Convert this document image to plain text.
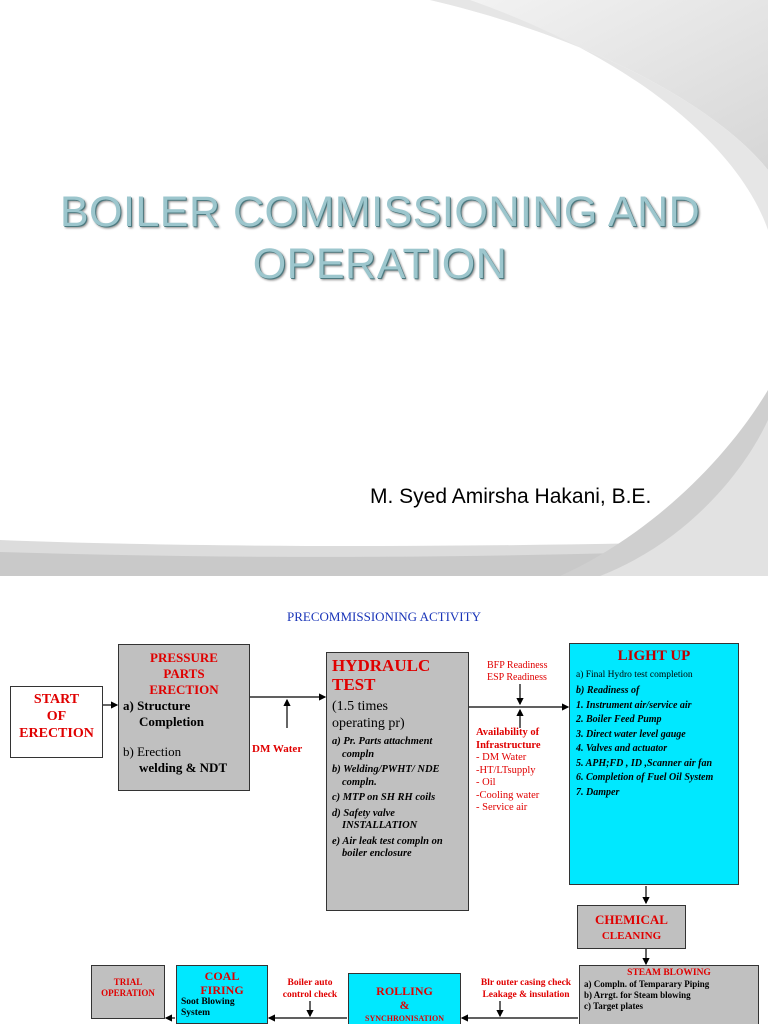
BOILER COMMISSIONING AND
OPERATION
M. Syed Amirsha Hakani, B.E.
PRECOMMISSIONING ACTIVITY
START
OF
ERECTION
PRESSURE
PARTS
ERECTION
a) Structure
Completion
b) Erection
welding & NDT
DM Water
HYDRAULC
TEST
(1.5 times
operating pr)
a) Pr. Parts attachment compln
b) Welding/PWHT/ NDE compln.
c) MTP on SH RH coils
d) Safety valve INSTALLATION
e) Air leak test compln on boiler enclosure
BFP Readiness
ESP Readiness
Availability of
Infrastructure
- DM Water
-HT/LTsupply
- Oil
-Cooling water
- Service air
LIGHT UP
a) Final Hydro test completion
b) Readiness of
1. Instrument air/service air
2. Boiler Feed Pump
3. Direct water level gauge
4. Valves and actuator
5. APH;FD , ID ,Scanner air fan
6. Completion of Fuel Oil System
7. Damper
CHEMICAL
CLEANING
TRIAL
OPERATION
COAL
FIRING
Soot Blowing
System
Boiler auto
control check	ROLLING
&
SYNCHRONISATION
Blr outer casing check
Leakage & insulation
STEAM BLOWING
a) Compln. of Temparary Piping
b) Arrgt. for Steam blowing
c) Target plates
